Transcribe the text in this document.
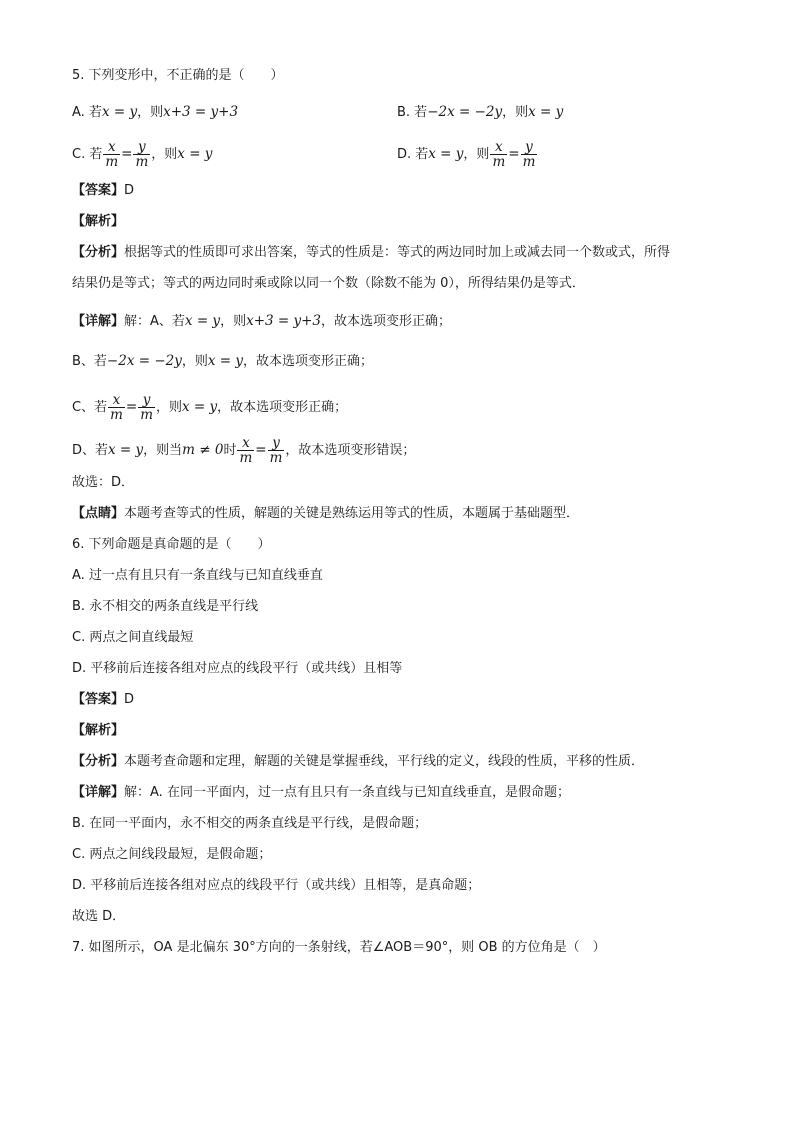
5. 下列变形中，不正确的是（　　）
A. 若x = y，则x+3 = y+3	B. 若−2x = −2y，则x = y
C. 若 $\frac{x}{m} = \frac{y}{m}$ ，则x = y	D. 若x = y，则 $\frac{x}{m} = \frac{y}{m}$
【答案】D
【解析】
【分析】根据等式的性质即可求出答案，等式的性质是：等式的两边同时加上或减去同一个数或式，所得
结果仍是等式；等式的两边同时乘或除以同一个数（除数不能为 0），所得结果仍是等式．
【详解】解：A、若x = y，则x+3 = y+3，故本选项变形正确；
B、若−2x = −2y，则x = y，故本选项变形正确；
C、若 $\frac{x}{m} = \frac{y}{m}$ ，则x = y，故本选项变形正确；
D、若x = y，则当m ≠ 0时 $\frac{x}{m} = \frac{y}{m}$ ，故本选项变形错误；
故选：D．
【点睛】本题考查等式的性质，解题的关键是熟练运用等式的性质，本题属于基础题型．
6. 下列命题是真命题的是（　　）
A. 过一点有且只有一条直线与已知直线垂直
B. 永不相交的两条直线是平行线
C. 两点之间直线最短
D. 平移前后连接各组对应点的线段平行（或共线）且相等
【答案】D
【解析】
【分析】本题考查命题和定理，解题的关键是掌握垂线，平行线的定义，线段的性质，平移的性质．
【详解】解：A. 在同一平面内，过一点有且只有一条直线与已知直线垂直，是假命题；
B. 在同一平面内，永不相交的两条直线是平行线，是假命题；
C. 两点之间线段最短，是假命题；
D. 平移前后连接各组对应点的线段平行（或共线）且相等，是真命题；
故选 D．
7. 如图所示，OA 是北偏东 30°方向的一条射线，若∠AOB＝90°，则 OB 的方位角是（　）
